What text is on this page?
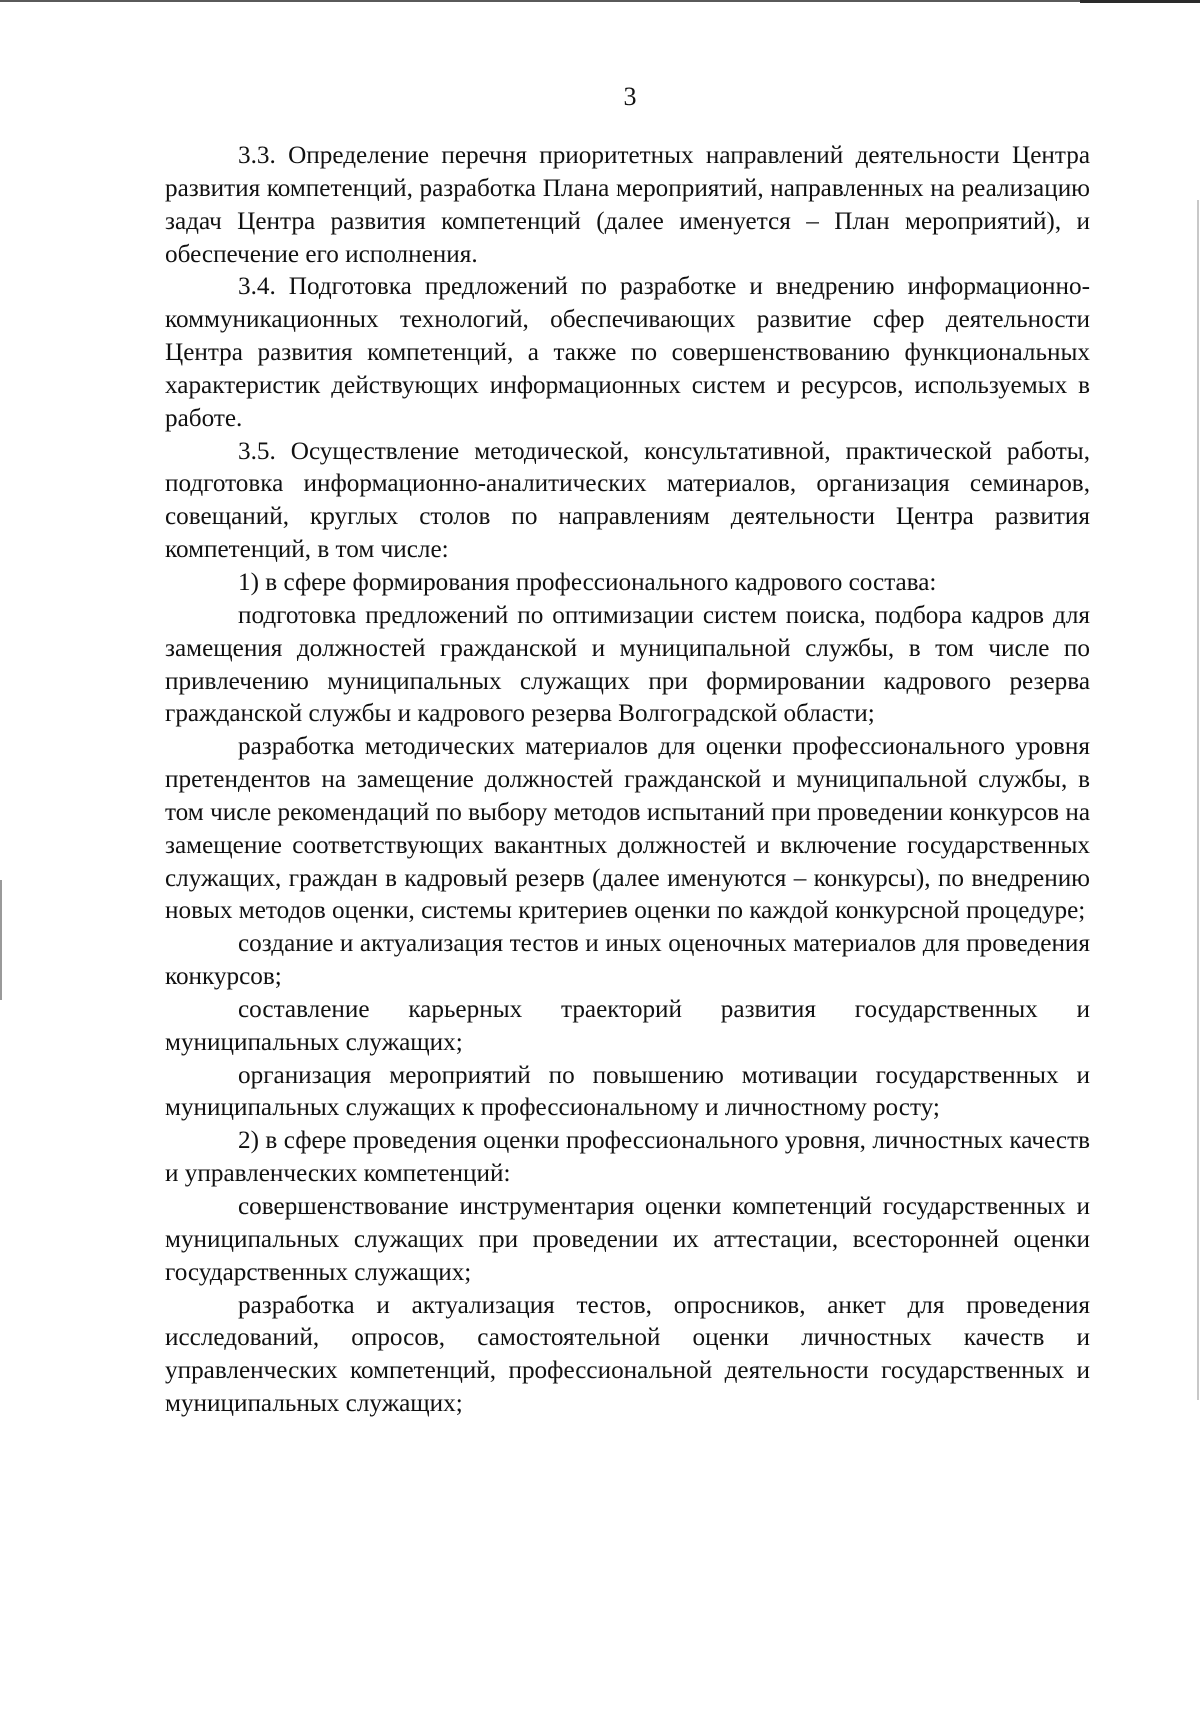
3

3.3. Определение перечня приоритетных направлений деятельности Центра развития компетенций, разработка Плана мероприятий, направленных на реализацию задач Центра развития компетенций (далее именуется – План мероприятий), и обеспечение его исполнения.

3.4. Подготовка предложений по разработке и внедрению информационно-коммуникационных технологий, обеспечивающих развитие сфер деятельности Центра развития компетенций, а также по совершенствованию функциональных характеристик действующих информационных систем и ресурсов, используемых в работе.

3.5. Осуществление методической, консультативной, практической работы, подготовка информационно-аналитических материалов, организация семинаров, совещаний, круглых столов по направлениям деятельности Центра развития компетенций, в том числе:

1) в сфере формирования профессионального кадрового состава:

подготовка предложений по оптимизации систем поиска, подбора кадров для замещения должностей гражданской и муниципальной службы, в том числе по привлечению муниципальных служащих при формировании кадрового резерва гражданской службы и кадрового резерва Волгоградской области;

разработка методических материалов для оценки профессионального уровня претендентов на замещение должностей гражданской и муниципальной службы, в том числе рекомендаций по выбору методов испытаний при проведении конкурсов на замещение соответствующих вакантных должностей и включение государственных служащих, граждан в кадровый резерв (далее именуются – конкурсы), по внедрению новых методов оценки, системы критериев оценки по каждой конкурсной процедуре;

создание и актуализация тестов и иных оценочных материалов для проведения конкурсов;

составление карьерных траекторий развития государственных и муниципальных служащих;

организация мероприятий по повышению мотивации государственных и муниципальных служащих к профессиональному и личностному росту;

2) в сфере проведения оценки профессионального уровня, личностных качеств и управленческих компетенций:

совершенствование инструментария оценки компетенций государственных и муниципальных служащих при проведении их аттестации, всесторонней оценки государственных служащих;

разработка и актуализация тестов, опросников, анкет для проведения исследований, опросов, самостоятельной оценки личностных качеств и управленческих компетенций, профессиональной деятельности государственных и муниципальных служащих;
